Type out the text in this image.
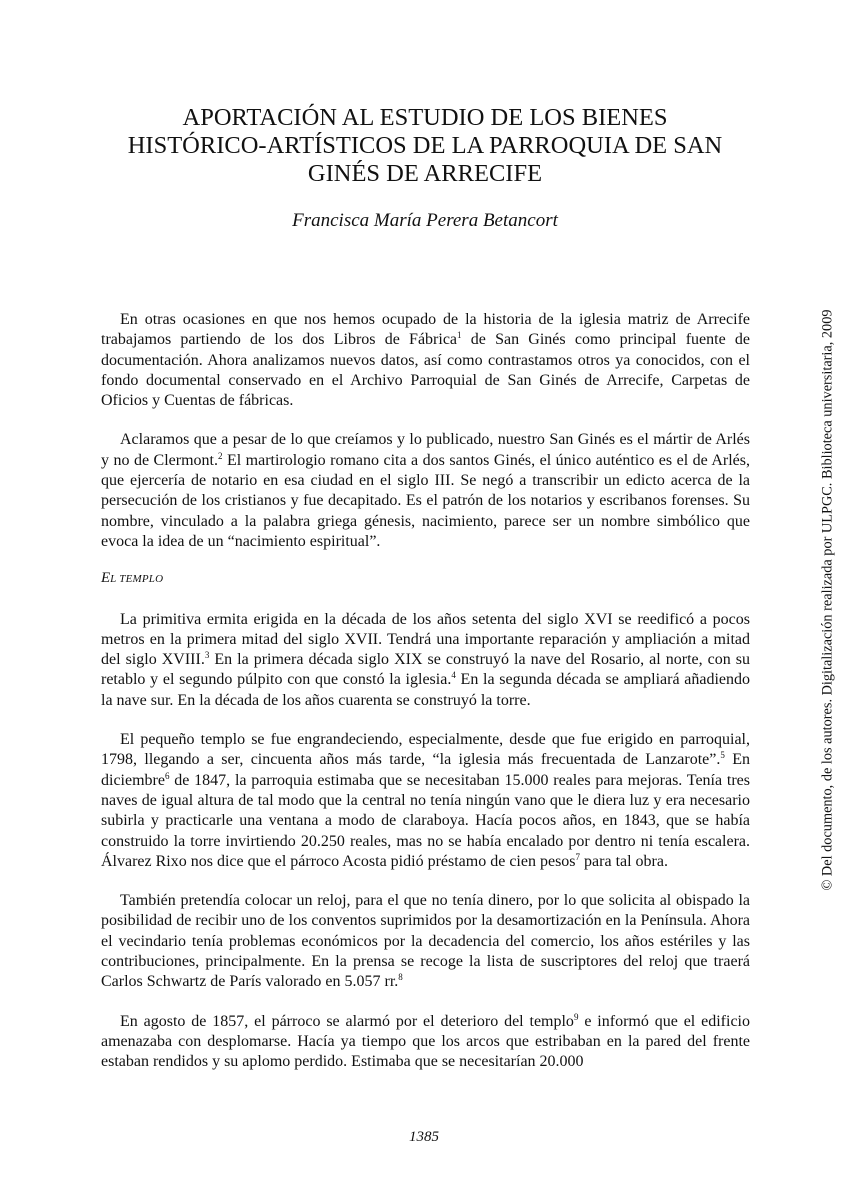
APORTACIÓN AL ESTUDIO DE LOS BIENES
HISTÓRICO-ARTÍSTICOS DE LA PARROQUIA DE SAN
GINÉS DE ARRECIFE
Francisca María Perera Betancort

En otras ocasiones en que nos hemos ocupado de la historia de la iglesia matriz de Arrecife trabajamos partiendo de los dos Libros de Fábrica$^1$ de San Ginés como principal fuente de documentación. Ahora analizamos nuevos datos, así como contrastamos otros ya conocidos, con el fondo documental conservado en el Archivo Parroquial de San Ginés de Arrecife, Carpetas de Oficios y Cuentas de fábricas.

Aclaramos que a pesar de lo que creíamos y lo publicado, nuestro San Ginés es el mártir de Arlés y no de Clermont.$^2$ El martirologio romano cita a dos santos Ginés, el único auténtico es el de Arlés, que ejercería de notario en esa ciudad en el siglo III. Se negó a transcribir un edicto acerca de la persecución de los cristianos y fue decapitado. Es el patrón de los notarios y escribanos forenses. Su nombre, vinculado a la palabra griega génesis, nacimiento, parece ser un nombre simbólico que evoca la idea de un “nacimiento espiritual”.

EL TEMPLO

La primitiva ermita erigida en la década de los años setenta del siglo XVI se reedificó a pocos metros en la primera mitad del siglo XVII. Tendrá una importante reparación y ampliación a mitad del siglo XVIII.$^3$ En la primera década siglo XIX se construyó la nave del Rosario, al norte, con su retablo y el segundo púlpito con que constó la iglesia.$^4$ En la segunda década se ampliará añadiendo la nave sur. En la década de los años cuarenta se construyó la torre.

El pequeño templo se fue engrandeciendo, especialmente, desde que fue erigido en parroquial, 1798, llegando a ser, cincuenta años más tarde, “la iglesia más frecuentada de Lanzarote”.$^5$ En diciembre$^6$ de 1847, la parroquia estimaba que se necesitaban 15.000 reales para mejoras. Tenía tres naves de igual altura de tal modo que la central no tenía ningún vano que le diera luz y era necesario subirla y practicarle una ventana a modo de claraboya. Hacía pocos años, en 1843, que se había construido la torre invirtiendo 20.250 reales, mas no se había encalado por dentro ni tenía escalera. Álvarez Rixo nos dice que el párroco Acosta pidió préstamo de cien pesos$^7$ para tal obra.

También pretendía colocar un reloj, para el que no tenía dinero, por lo que solicita al obispado la posibilidad de recibir uno de los conventos suprimidos por la desamortización en la Península. Ahora el vecindario tenía problemas económicos por la decadencia del comercio, los años estériles y las contribuciones, principalmente. En la prensa se recoge la lista de suscriptores del reloj que traerá Carlos Schwartz de París valorado en 5.057 rr.$^8$

En agosto de 1857, el párroco se alarmó por el deterioro del templo$^9$ e informó que el edificio amenazaba con desplomarse. Hacía ya tiempo que los arcos que estribaban en la pared del frente estaban rendidos y su aplomo perdido. Estimaba que se necesitarían 20.000

1385
© Del documento, de los autores. Digitalización realizada por ULPGC. Biblioteca universitaria, 2009
